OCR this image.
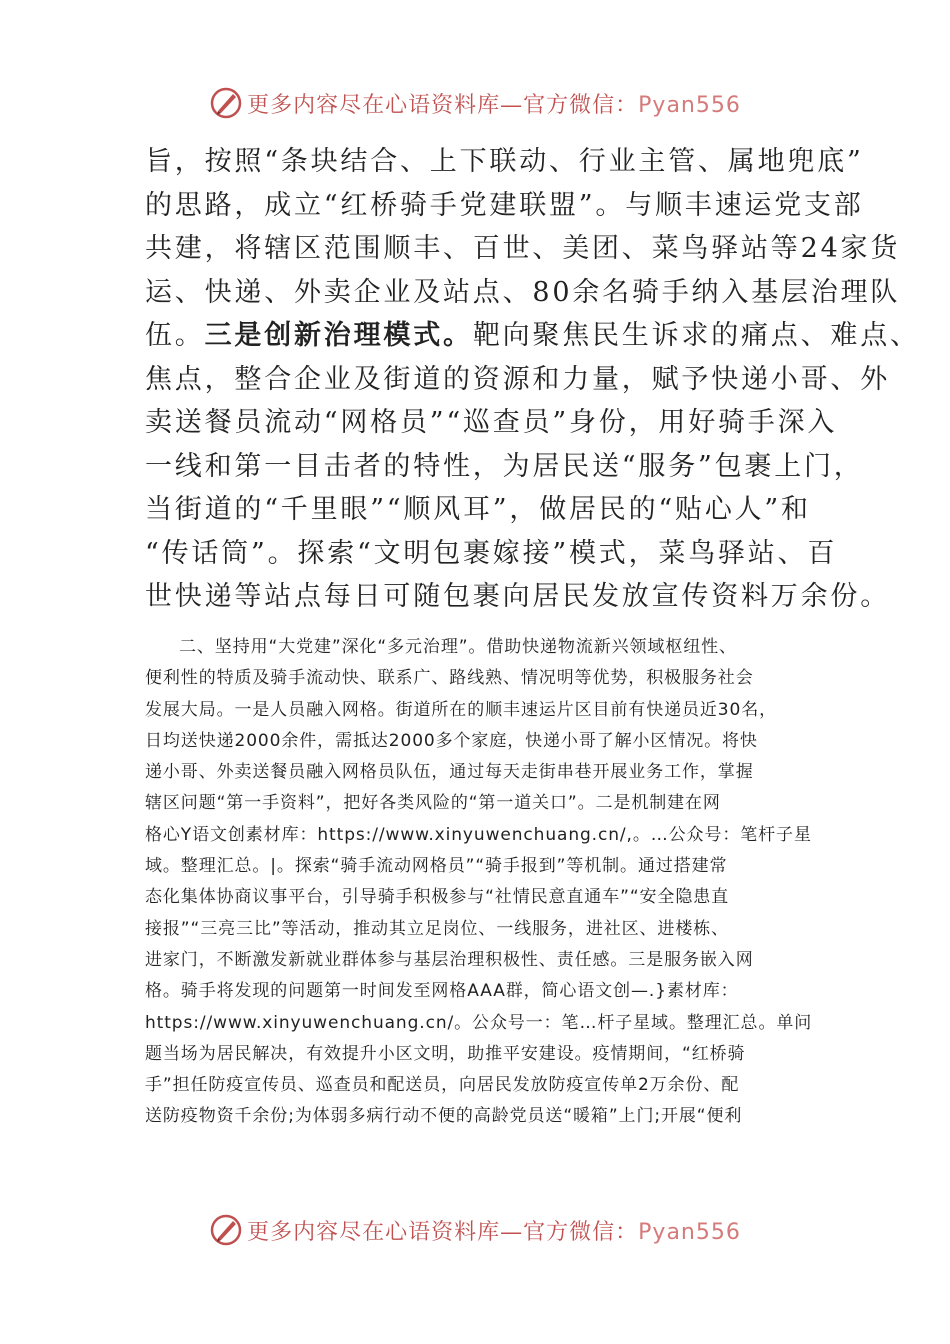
更多内容尽在心语资料库—官方微信：Pyan556
旨，按照“条块结合、上下联动、行业主管、属地兜底”
的思路，成立“红桥骑手党建联盟”。与顺丰速运党支部
共建，将辖区范围顺丰、百世、美团、菜鸟驿站等24家货
运、快递、外卖企业及站点、80余名骑手纳入基层治理队
伍。三是创新治理模式。靶向聚焦民生诉求的痛点、难点、
焦点，整合企业及街道的资源和力量，赋予快递小哥、外
卖送餐员流动“网格员”“巡查员”身份，用好骑手深入
一线和第一目击者的特性，为居民送“服务”包裹上门，
当街道的“千里眼”“顺风耳”，做居民的“贴心人”和
“传话筒”。探索“文明包裹嫁接”模式，菜鸟驿站、百
世快递等站点每日可随包裹向居民发放宣传资料万余份。
二、坚持用“大党建”深化“多元治理”。借助快递物流新兴领域枢纽性、
便利性的特质及骑手流动快、联系广、路线熟、情况明等优势，积极服务社会
发展大局。一是人员融入网格。街道所在的顺丰速运片区目前有快递员近30名，
日均送快递2000余件，需抵达2000多个家庭，快递小哥了解小区情况。将快
递小哥、外卖送餐员融入网格员队伍，通过每天走街串巷开展业务工作，掌握
辖区问题“第一手资料”，把好各类风险的“第一道关口”。二是机制建在网
格心Y语文创素材库：https://www.xinyuwenchuang.cn/,。…公众号：笔杆子星
域。整理汇总。|。探索“骑手流动网格员”“骑手报到”等机制。通过搭建常
态化集体协商议事平台，引导骑手积极参与“社情民意直通车”“安全隐患直
接报”“三亮三比”等活动，推动其立足岗位、一线服务，进社区、进楼栋、
进家门，不断激发新就业群体参与基层治理积极性、责任感。三是服务嵌入网
格。骑手将发现的问题第一时间发至网格AAA群，简心语文创—.}素材库：
https://www.xinyuwenchuang.cn/。公众号一：笔…杆子星域。整理汇总。单问
题当场为居民解决，有效提升小区文明，助推平安建设。疫情期间，“红桥骑
手”担任防疫宣传员、巡查员和配送员，向居民发放防疫宣传单2万余份、配
送防疫物资千余份;为体弱多病行动不便的高龄党员送“暖箱”上门;开展“便利
更多内容尽在心语资料库—官方微信：Pyan556
